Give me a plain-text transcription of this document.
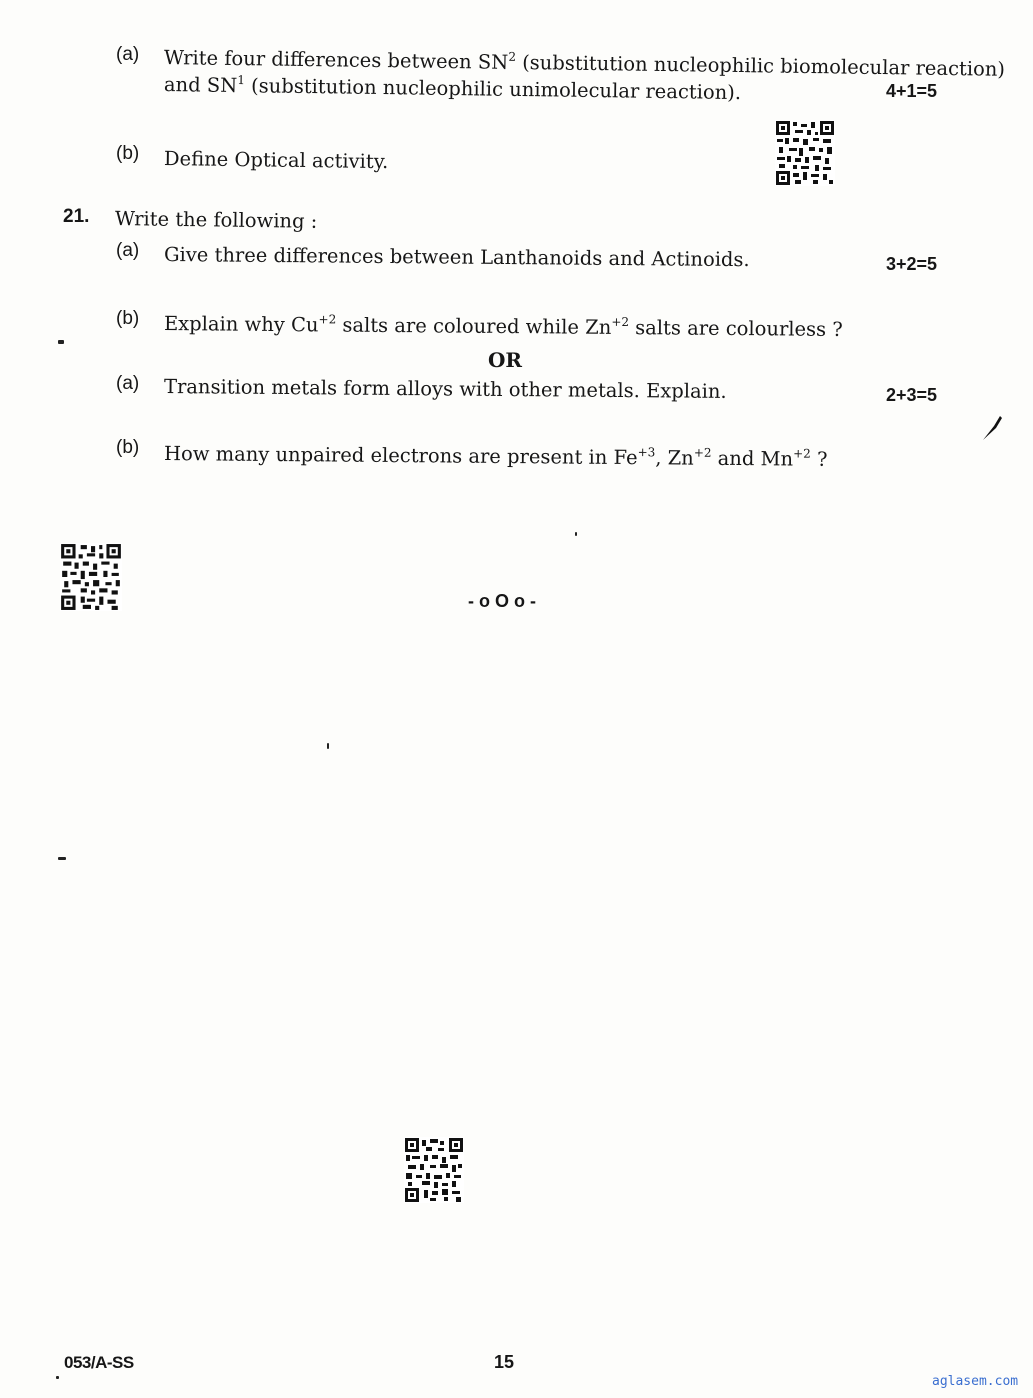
(a) Write four differences between $SN^2$ (substitution nucleophilic biomolecular reaction)
and $SN^1$ (substitution nucleophilic unimolecular reaction).	4+1=5
(b) Define Optical activity.
21. Write the following :
(a) Give three differences between Lanthanoids and Actinoids.	3+2=5
(b) Explain why $Cu^{+2}$ salts are coloured while $Zn^{+2}$ salts are colourless ?
OR
(a) Transition metals form alloys with other metals. Explain.	2+3=5
(b) How many unpaired electrons are present in $Fe^{+3}$, $Zn^{+2}$ and $Mn^{+2}$ ?
- o O o -
053/A-SS	15
aglasem.com
